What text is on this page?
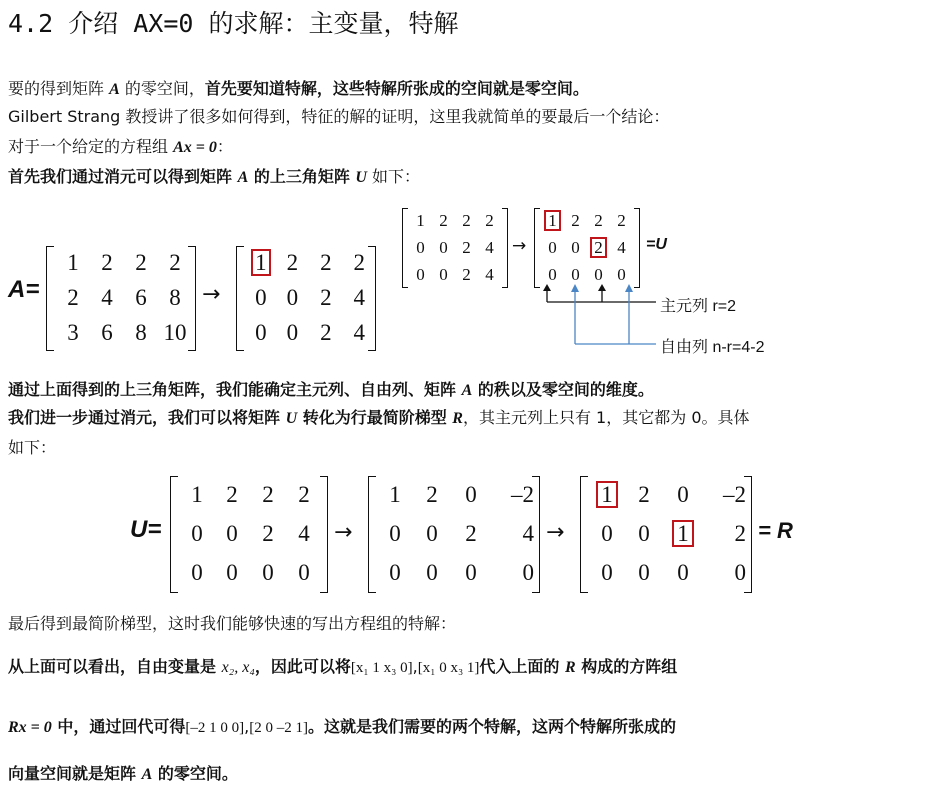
4.2 介绍 AX=0 的求解：主变量，特解
要的得到矩阵 A 的零空间，首先要知道特解，这些特解所张成的空间就是零空间。
Gilbert Strang 教授讲了很多如何得到，特征的解的证明，这里我就简单的要最后一个结论：
对于一个给定的方程组 Ax = 0：
首先我们通过消元可以得到矩阵 A 的上三角矩阵 U 如下：
A=
1	2	2	2
2	4	6	8
3	6	8	10
→
1	2	2	2
0	0	2	4
0	0	2	4
1	2	2	2
0	0	2	4
0	0	2	4
→
1	2	2	2
0	0	2	4
0	0	0	0
=U
主元列 r=2
自由列 n-r=4-2
通过上面得到的上三角矩阵，我们能确定主元列、自由列、矩阵 A 的秩以及零空间的维度。
我们进一步通过消元，我们可以将矩阵 U 转化为行最简阶梯型 R，其主元列上只有 1，其它都为 0。具体
如下：
U=
1	2	2	2
0	0	2	4
0	0	0	0
→
1	2	0	–2
0	0	2	4
0	0	0	0
→
1	2	0	–2
0	0	1	2
0	0	0	0
= R
最后得到最简阶梯型，这时我们能够快速的写出方程组的特解：
从上面可以看出，自由变量是 x₂, x₄，因此可以将[x₁ 1 x₃ 0],[x₁ 0 x₃ 1]代入上面的 R 构成的方阵组
Rx = 0 中，通过回代可得[–2 1 0 0],[2 0 –2 1]。这就是我们需要的两个特解，这两个特解所张成的
向量空间就是矩阵 A 的零空间。
